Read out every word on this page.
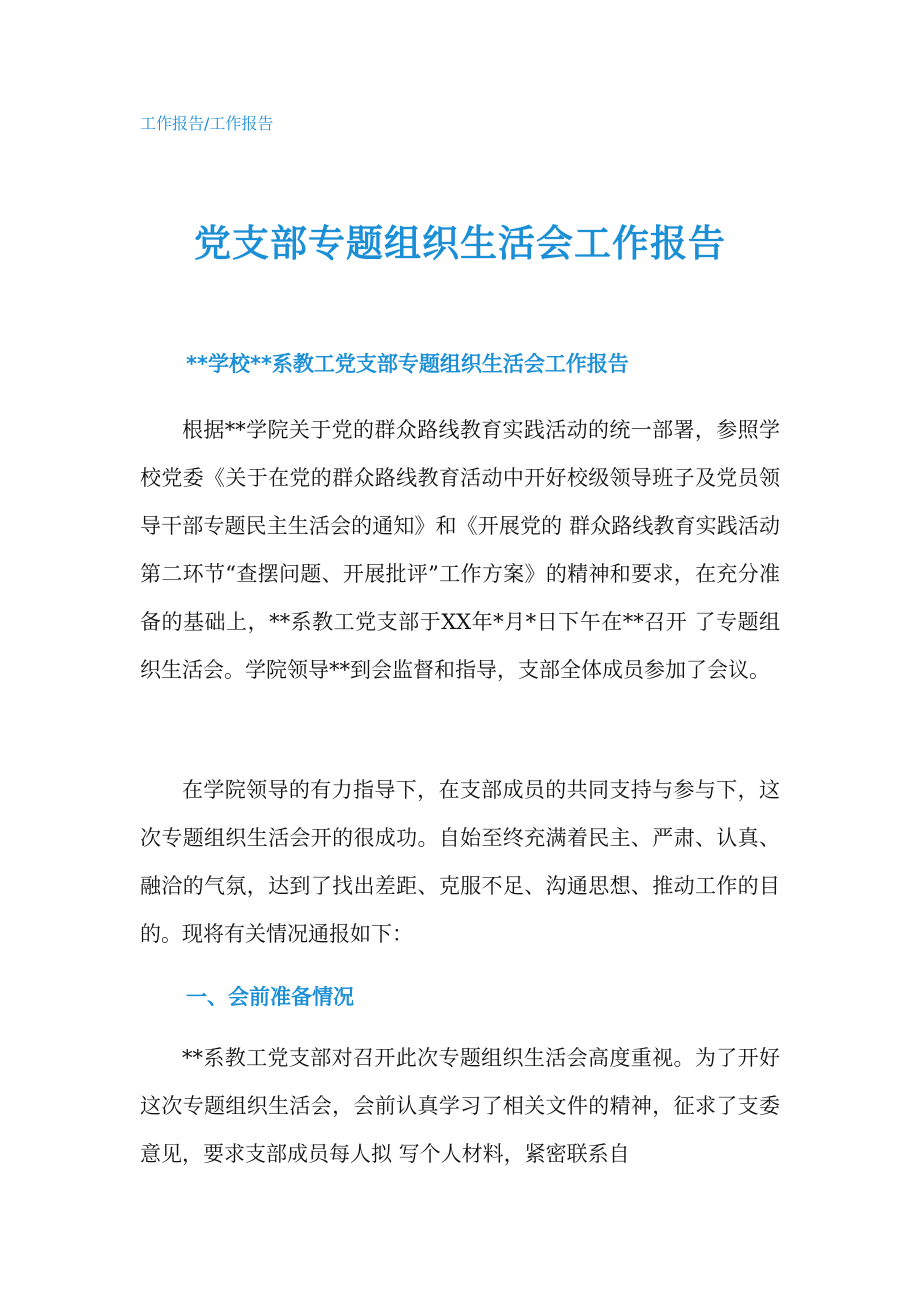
工作报告/工作报告
党支部专题组织生活会工作报告
**学校**系教工党支部专题组织生活会工作报告

根据**学院关于党的群众路线教育实践活动的统一部署，参照学校党委《关于在党的群众路线教育活动中开好校级领导班子及党员领导干部专题民主生活会的通知》和《开展党的 群众路线教育实践活动第二环节“查摆问题、开展批评”工作方案》的精神和要求，在充分准备的基础上，**系教工党支部于XX年*月*日下午在**召开 了专题组织生活会。学院领导**到会监督和指导，支部全体成员参加了会议。

在学院领导的有力指导下，在支部成员的共同支持与参与下，这次专题组织生活会开的很成功。自始至终充满着民主、严肃、认真、融洽的气氛，达到了找出差距、克服不足、沟通思想、推动工作的目的。现将有关情况通报如下：

一、会前准备情况

**系教工党支部对召开此次专题组织生活会高度重视。为了开好这次专题组织生活会，会前认真学习了相关文件的精神，征求了支委意见，要求支部成员每人拟 写个人材料，紧密联系自
